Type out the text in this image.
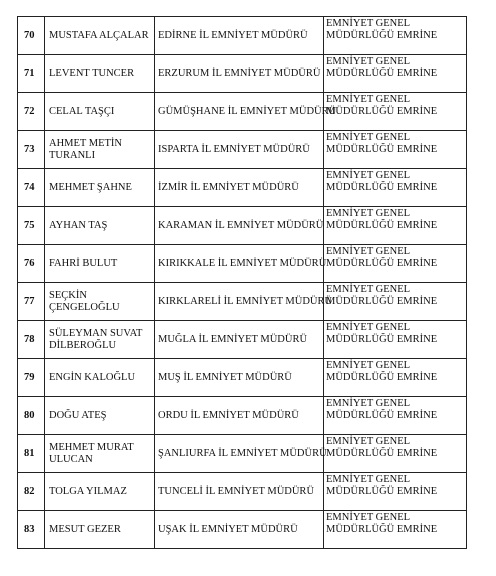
70	MUSTAFA ALÇALAR	EDİRNE İL EMNİYET MÜDÜRÜ	EMNİYET GENEL
MÜDÜRLÜĞÜ EMRİNE

71	LEVENT TUNCER	ERZURUM İL EMNİYET MÜDÜRÜ	EMNİYET GENEL
MÜDÜRLÜĞÜ EMRİNE

72	CELAL TAŞÇI	GÜMÜŞHANE İL EMNİYET MÜDÜRÜ	EMNİYET GENEL
MÜDÜRLÜĞÜ EMRİNE

73	AHMET METİN
TURANLI	ISPARTA İL EMNİYET MÜDÜRÜ	EMNİYET GENEL
MÜDÜRLÜĞÜ EMRİNE

74	MEHMET ŞAHNE	İZMİR İL EMNİYET MÜDÜRÜ	EMNİYET GENEL
MÜDÜRLÜĞÜ EMRİNE

75	AYHAN TAŞ	KARAMAN İL EMNİYET MÜDÜRÜ	EMNİYET GENEL
MÜDÜRLÜĞÜ EMRİNE

76	FAHRİ BULUT	KIRIKKALE İL EMNİYET MÜDÜRÜ	EMNİYET GENEL
MÜDÜRLÜĞÜ EMRİNE

77	SEÇKİN ÇENGELOĞLU	KIRKLARELİ İL EMNİYET MÜDÜRÜ	EMNİYET GENEL
MÜDÜRLÜĞÜ EMRİNE

78	SÜLEYMAN SUVAT
DİLBEROĞLU	MUĞLA İL EMNİYET MÜDÜRÜ	EMNİYET GENEL
MÜDÜRLÜĞÜ EMRİNE

79	ENGİN KALOĞLU	MUŞ İL EMNİYET MÜDÜRÜ	EMNİYET GENEL
MÜDÜRLÜĞÜ EMRİNE

80	DOĞU ATEŞ	ORDU İL EMNİYET MÜDÜRÜ	EMNİYET GENEL
MÜDÜRLÜĞÜ EMRİNE

81	MEHMET MURAT
ULUCAN	ŞANLIURFA İL EMNİYET MÜDÜRÜ	EMNİYET GENEL
MÜDÜRLÜĞÜ EMRİNE

82	TOLGA YILMAZ	TUNCELİ İL EMNİYET MÜDÜRÜ	EMNİYET GENEL
MÜDÜRLÜĞÜ EMRİNE

83	MESUT GEZER	UŞAK İL EMNİYET MÜDÜRÜ	EMNİYET GENEL
MÜDÜRLÜĞÜ EMRİNE
